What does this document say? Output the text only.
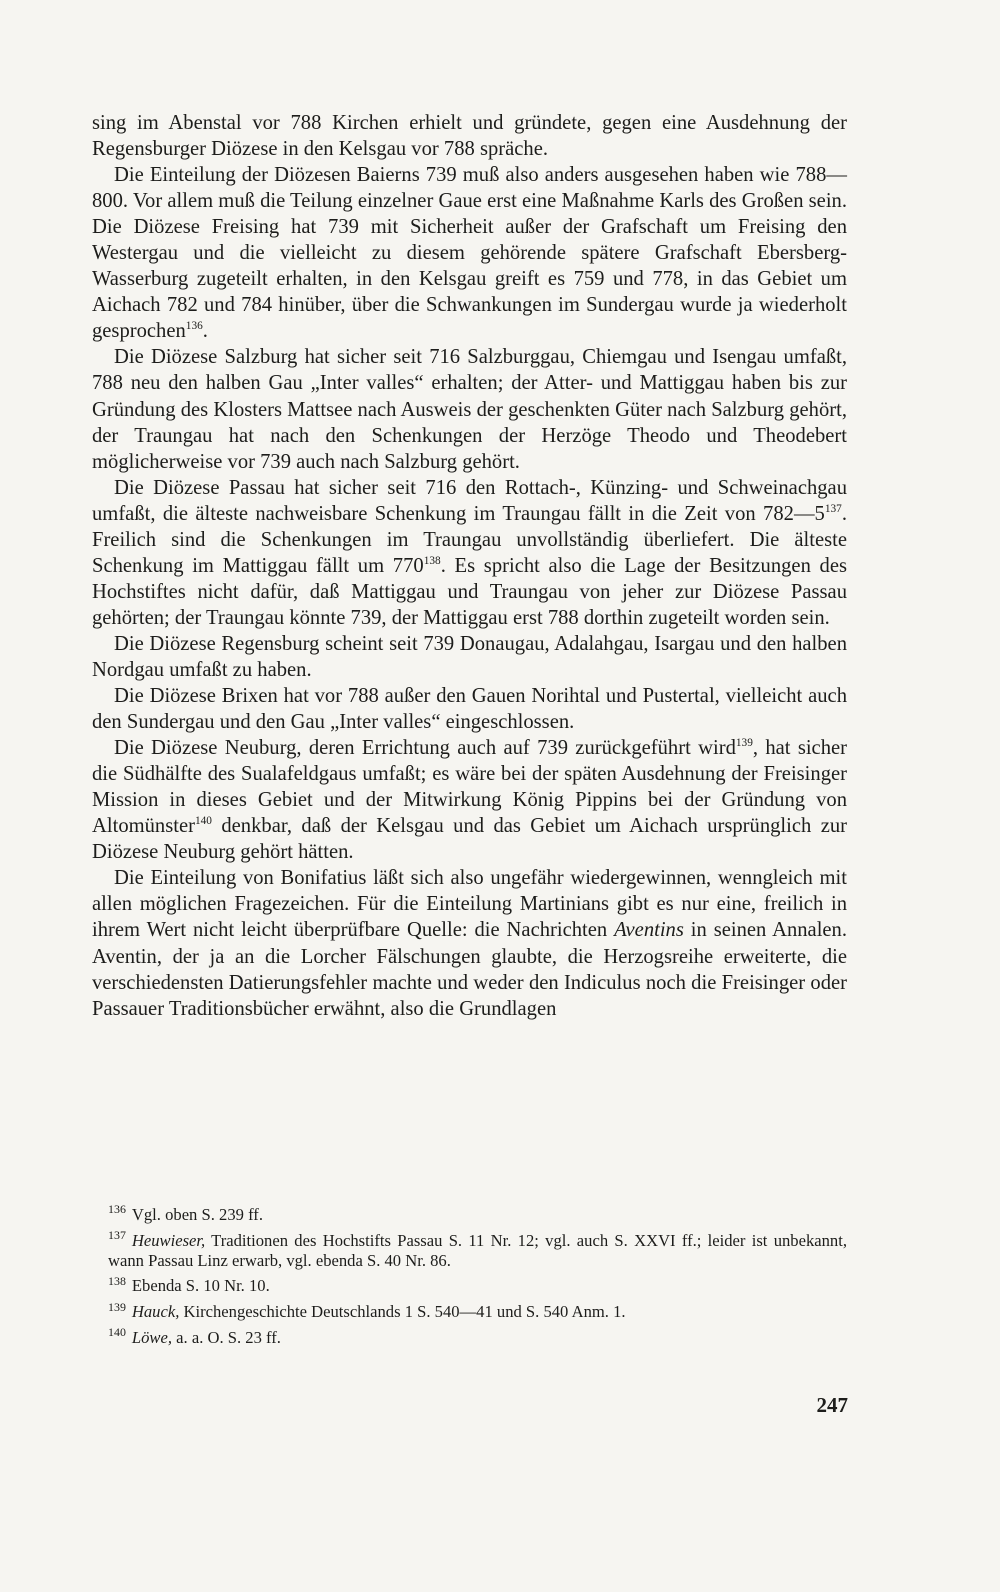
sing im Abenstal vor 788 Kirchen erhielt und gründete, gegen eine Ausdehnung der Regensburger Diözese in den Kelsgau vor 788 spräche.

Die Einteilung der Diözesen Baierns 739 muß also anders ausgesehen haben wie 788—800. Vor allem muß die Teilung einzelner Gaue erst eine Maßnahme Karls des Großen sein. Die Diözese Freising hat 739 mit Sicherheit außer der Grafschaft um Freising den Westergau und die vielleicht zu diesem gehörende spätere Grafschaft Ebersberg-Wasserburg zugeteilt erhalten, in den Kelsgau greift es 759 und 778, in das Gebiet um Aichach 782 und 784 hinüber, über die Schwankungen im Sundergau wurde ja wiederholt gesprochen$^{136}$.

Die Diözese Salzburg hat sicher seit 716 Salzburggau, Chiemgau und Isengau umfaßt, 788 neu den halben Gau „Inter valles“ erhalten; der Atter- und Mattiggau haben bis zur Gründung des Klosters Mattsee nach Ausweis der geschenkten Güter nach Salzburg gehört, der Traungau hat nach den Schenkungen der Herzöge Theodo und Theodebert möglicherweise vor 739 auch nach Salzburg gehört.

Die Diözese Passau hat sicher seit 716 den Rottach-, Künzing- und Schweinachgau umfaßt, die älteste nachweisbare Schenkung im Traungau fällt in die Zeit von $782—5^{137}$. Freilich sind die Schenkungen im Traungau unvollständig überliefert. Die älteste Schenkung im Mattiggau fällt um $770^{138}$. Es spricht also die Lage der Besitzungen des Hochstiftes nicht dafür, daß Mattiggau und Traungau von jeher zur Diözese Passau gehörten; der Traungau könnte 739, der Mattiggau erst 788 dorthin zugeteilt worden sein.

Die Diözese Regensburg scheint seit 739 Donaugau, Adalahgau, Isargau und den halben Nordgau umfaßt zu haben.

Die Diözese Brixen hat vor 788 außer den Gauen Norihtal und Pustertal, vielleicht auch den Sundergau und den Gau „Inter valles“ eingeschlossen.

Die Diözese Neuburg, deren Errichtung auch auf 739 zurückgeführt wird$^{139}$, hat sicher die Südhälfte des Sualafeldgaus umfaßt; es wäre bei der späten Ausdehnung der Freisinger Mission in dieses Gebiet und der Mitwirkung König Pippins bei der Gründung von Altomünster$^{140}$ denkbar, daß der Kelsgau und das Gebiet um Aichach ursprünglich zur Diözese Neuburg gehört hätten.

Die Einteilung von Bonifatius läßt sich also ungefähr wiedergewinnen, wenngleich mit allen möglichen Fragezeichen. Für die Einteilung Martinians gibt es nur eine, freilich in ihrem Wert nicht leicht überprüfbare Quelle: die Nachrichten Aventins in seinen Annalen. Aventin, der ja an die Lorcher Fälschungen glaubte, die Herzogsreihe erweiterte, die verschiedensten Datierungsfehler machte und weder den Indiculus noch die Freisinger oder Passauer Traditionsbücher erwähnt, also die Grundlagen

$^{136}$ Vgl. oben S. 239 ff.

$^{137}$ Heuwieser, Traditionen des Hochstifts Passau S. 11 Nr. 12; vgl. auch S. XXVI ff.; leider ist unbekannt, wann Passau Linz erwarb, vgl. ebenda S. 40 Nr. 86.

$^{138}$ Ebenda S. 10 Nr. 10.

$^{139}$ Hauck, Kirchengeschichte Deutschlands 1 S. 540—41 und S. 540 Anm. 1.

$^{140}$ Löwe, a. a. O. S. 23 ff.

247
